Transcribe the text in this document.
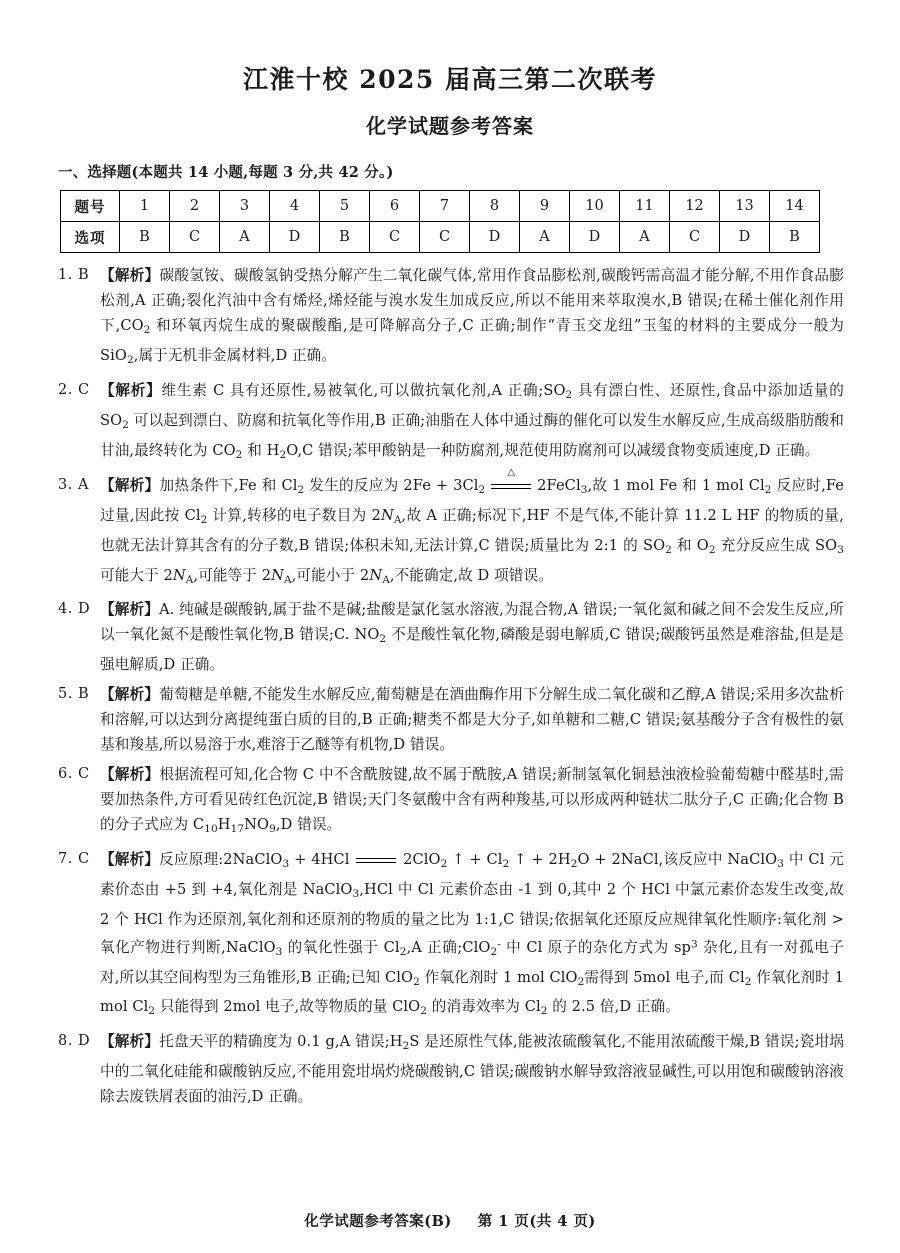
江淮十校 2025 届高三第二次联考
化学试题参考答案
一、选择题(本题共 14 小题,每题 3 分,共 42 分。)
题号	1	2	3	4	5	6	7	8	9	10	11	12	13	14
选项	B	C	A	D	B	C	C	D	A	D	A	C	D	B
1. B 【解析】碳酸氢铵、碳酸氢钠受热分解产生二氧化碳气体,常用作食品膨松剂,碳酸钙需高温才能分解,不用作食品膨松剂,A 正确;裂化汽油中含有烯烃,烯烃能与溴水发生加成反应,所以不能用来萃取溴水,B 错误;在稀土催化剂作用下$,CO_2$ 和环氧丙烷生成的聚碳酸酯,是可降解高分子,C 正确;制作“青玉交龙纽”玉玺的材料的主要成分一般为 SiO$_2$,属于无机非金属材料,D 正确。
2. C 【解析】维生素 C 具有还原性,易被氧化,可以做抗氧化剂,A 正确$;SO_2$ 具有漂白性、还原性,食品中添加适量的 $SO_2$ 可以起到漂白、防腐和抗氧化等作用,B 正确;油脂在人体中通过酶的催化可以发生水解反应,生成高级脂肪酸和甘油,最终转化为 $CO_2$ 和 $H_2O,C$ 错误;苯甲酸钠是一种防腐剂,规范使用防腐剂可以减缓食物变质速度,D 正确。
3. A 【解析】加热条件下,Fe 和 $Cl_2$ 发生的反应为 $2Fe + 3Cl_2$
△
2FeCl$_3$,故 1 mol Fe 和 1 mol $Cl_2$ 反应时,Fe 过量,因此按 $Cl_2$ 计算,转移的电子数目为 $2N_A$,故 A 正确;标况下,HF 不是气体,不能计算 11.2 L HF 的物质的量,也就无法计算其含有的分子数,B 错误;体积未知,无法计算,C 错误;质量比为 2:1 的 $SO_2$ 和 $O_2$ 充分反应生成 $SO_3$ 可能大于 $2N_A$,可能等于 $2N_A$,可能小于 $2N_A$,不能确定,故 D 项错误。
4. D 【解析】A. 纯碱是碳酸钠,属于盐不是碱;盐酸是氯化氢水溶液,为混合物,A 错误;一氧化氮和碱之间不会发生反应,所以一氧化氮不是酸性氧化物,B 错误;C. $NO_2$ 不是酸性氧化物,磷酸是弱电解质,C 错误;碳酸钙虽然是难溶盐,但是是强电解质,D 正确。
5. B 【解析】葡萄糖是单糖,不能发生水解反应,葡萄糖是在酒曲酶作用下分解生成二氧化碳和乙醇,A 错误;采用多次盐析和溶解,可以达到分离提纯蛋白质的目的,B 正确;糖类不都是大分子,如单糖和二糖,C 错误;氨基酸分子含有极性的氨基和羧基,所以易溶于水,难溶于乙醚等有机物,D 错误。
6. C 【解析】根据流程可知,化合物 C 中不含酰胺键,故不属于酰胺,A 错误;新制氢氧化铜悬浊液检验葡萄糖中醛基时,需要加热条件,方可看见砖红色沉淀,B 错误;天门冬氨酸中含有两种羧基,可以形成两种链状二肽分子,C 正确;化合物 B 的分子式应为 $C_{10}H_{17}NO_9,D$ 错误。
7. C 【解析】反应原理:2NaClO$_3$ + 4HCl	2ClO$_2$ ↑ + $Cl_2$ ↑ + $2H_2O$ + 2NaCl,该反应中 NaClO$_3$ 中 Cl 元素价态由 +5 到 +4,氧化剂是 NaClO$_3$,HCl 中 Cl 元素价态由 -1 到 0,其中 2 个 HCl 中氯元素价态发生改变,故 2 个 HCl 作为还原剂,氧化剂和还原剂的物质的量之比为 1:1,C 错误;依据氧化还原反应规律氧化性顺序:氧化剂 > 氧化产物进行判断,NaClO$_3$ 的氧化性强于 $Cl_2,A$ 正确;ClO$_2$- 中 Cl 原子的杂化方式为 $sp^3$ 杂化,且有一对孤电子对,所以其空间构型为三角锥形,B 正确;已知 ClO$_2$ 作氧化剂时 1 mol ClO$_2$需得到 5mol 电子,而 $Cl_2$ 作氧化剂时 1 mol $Cl_2$ 只能得到 2mol 电子,故等物质的量 ClO$_2$ 的消毒效率为 $Cl_2$ 的 2.5 倍,D 正确。
8. D 【解析】托盘天平的精确度为 0.1 g,A 错误$;H_2S$ 是还原性气体,能被浓硫酸氧化,不能用浓硫酸干燥,B 错误;瓷坩埚中的二氧化硅能和碳酸钠反应,不能用瓷坩埚灼烧碳酸钠,C 错误;碳酸钠水解导致溶液显碱性,可以用饱和碳酸钠溶液除去废铁屑表面的油污,D 正确。
化学试题参考答案(B) 第 1 页(共 4 页)
